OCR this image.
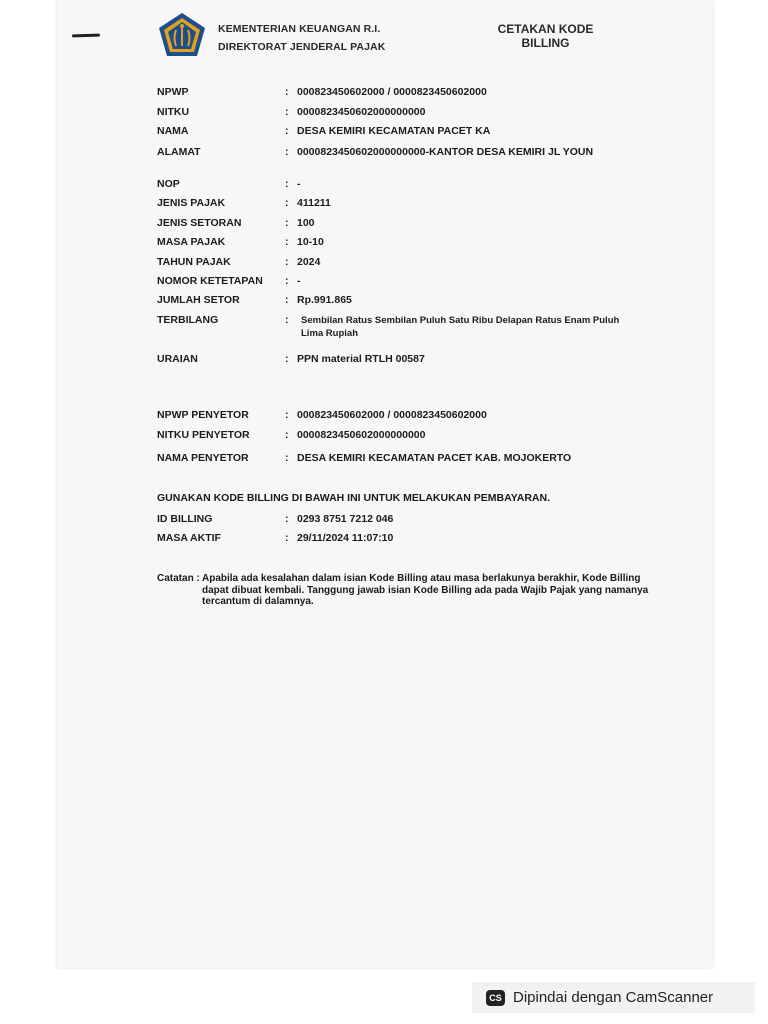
KEMENTERIAN KEUANGAN R.I.
DIREKTORAT JENDERAL PAJAK
CETAKAN KODE
BILLING
NPWP	: 000823450602000 / 0000823450602000
NITKU	: 0000823450602000000000
NAMA	: DESA KEMIRI KECAMATAN PACET KA
ALAMAT	: 0000823450602000000000-KANTOR DESA KEMIRI JL YOUN
NOP	: -
JENIS PAJAK	: 411211
JENIS SETORAN	: 100
MASA PAJAK	: 10-10
TAHUN PAJAK	: 2024
NOMOR KETETAPAN	: -
JUMLAH SETOR	: Rp.991.865
TERBILANG	:	Sembilan Ratus Sembilan Puluh Satu Ribu Delapan Ratus Enam Puluh Lima Rupiah
URAIAN	: PPN material RTLH 00587
NPWP PENYETOR	: 000823450602000 / 0000823450602000
NITKU PENYETOR	: 0000823450602000000000
NAMA PENYETOR	: DESA KEMIRI KECAMATAN PACET KAB. MOJOKERTO
GUNAKAN KODE BILLING DI BAWAH INI UNTUK MELAKUKAN PEMBAYARAN.
ID BILLING	: 0293 8751 7212 046
MASA AKTIF	: 29/11/2024 11:07:10
Catatan : Apabila ada kesalahan dalam isian Kode Billing atau masa berlakunya berakhir, Kode Billing dapat dibuat kembali. Tanggung jawab isian Kode Billing ada pada Wajib Pajak yang namanya tercantum di dalamnya.
CS Dipindai dengan CamScanner
